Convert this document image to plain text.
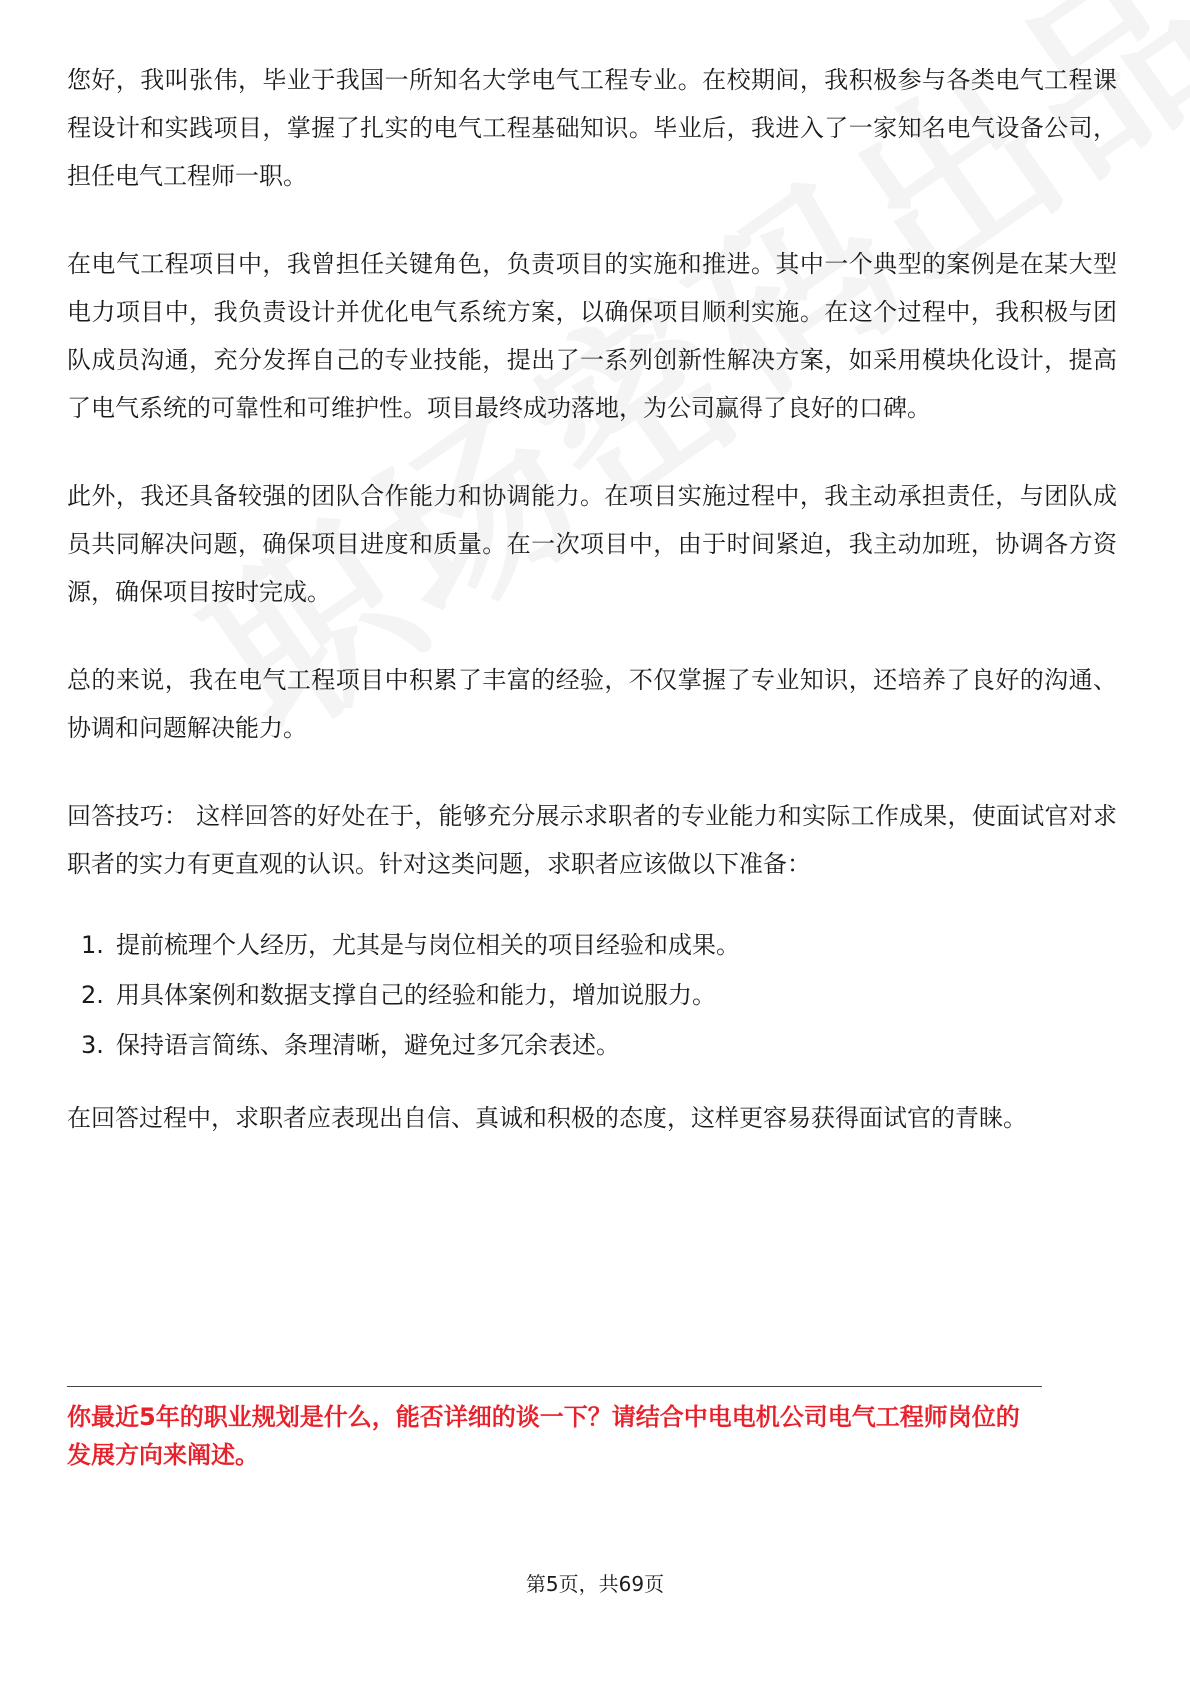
您好，我叫张伟，毕业于我国一所知名大学电气工程专业。在校期间，我积极参与各类电气工程课程设计和实践项目，掌握了扎实的电气工程基础知识。毕业后，我进入了一家知名电气设备公司，担任电气工程师一职。

在电气工程项目中，我曾担任关键角色，负责项目的实施和推进。其中一个典型的案例是在某大型电力项目中，我负责设计并优化电气系统方案，以确保项目顺利实施。在这个过程中，我积极与团队成员沟通，充分发挥自己的专业技能，提出了一系列创新性解决方案，如采用模块化设计，提高了电气系统的可靠性和可维护性。项目最终成功落地，为公司赢得了良好的口碑。

此外，我还具备较强的团队合作能力和协调能力。在项目实施过程中，我主动承担责任，与团队成员共同解决问题，确保项目进度和质量。在一次项目中，由于时间紧迫，我主动加班，协调各方资源，确保项目按时完成。

总的来说，我在电气工程项目中积累了丰富的经验，不仅掌握了专业知识，还培养了良好的沟通、协调和问题解决能力。

回答技巧： 这样回答的好处在于，能够充分展示求职者的专业能力和实际工作成果，使面试官对求职者的实力有更直观的认识。针对这类问题，求职者应该做以下准备：

1. 提前梳理个人经历，尤其是与岗位相关的项目经验和成果。
2. 用具体案例和数据支撑自己的经验和能力，增加说服力。
3. 保持语言简练、条理清晰，避免过多冗余表述。

在回答过程中，求职者应表现出自信、真诚和积极的态度，这样更容易获得面试官的青睐。

你最近5年的职业规划是什么，能否详细的谈一下？请结合中电电机公司电气工程师岗位的发展方向来阐述。
第5页，共69页
